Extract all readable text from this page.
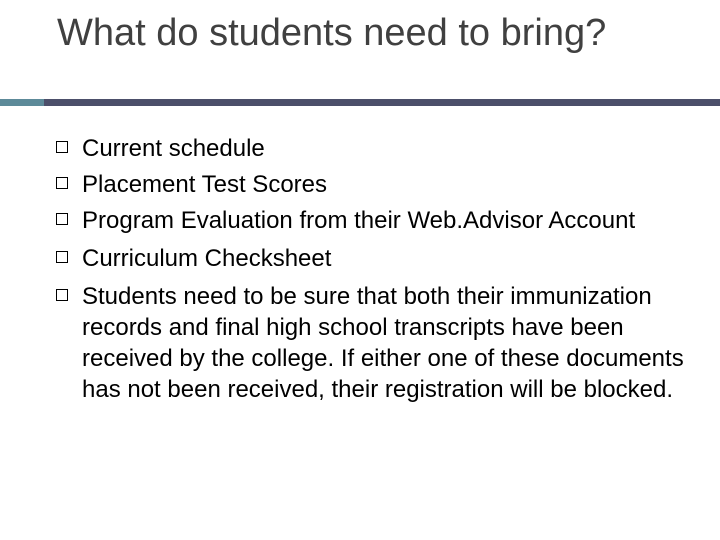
What do students need to bring?
Current schedule
Placement Test Scores
Program Evaluation from their Web.Advisor Account
Curriculum Checksheet
Students need to be sure that both their immunization records and final high school transcripts have been received by the college. If either one of these documents has not been received, their registration will be blocked.
